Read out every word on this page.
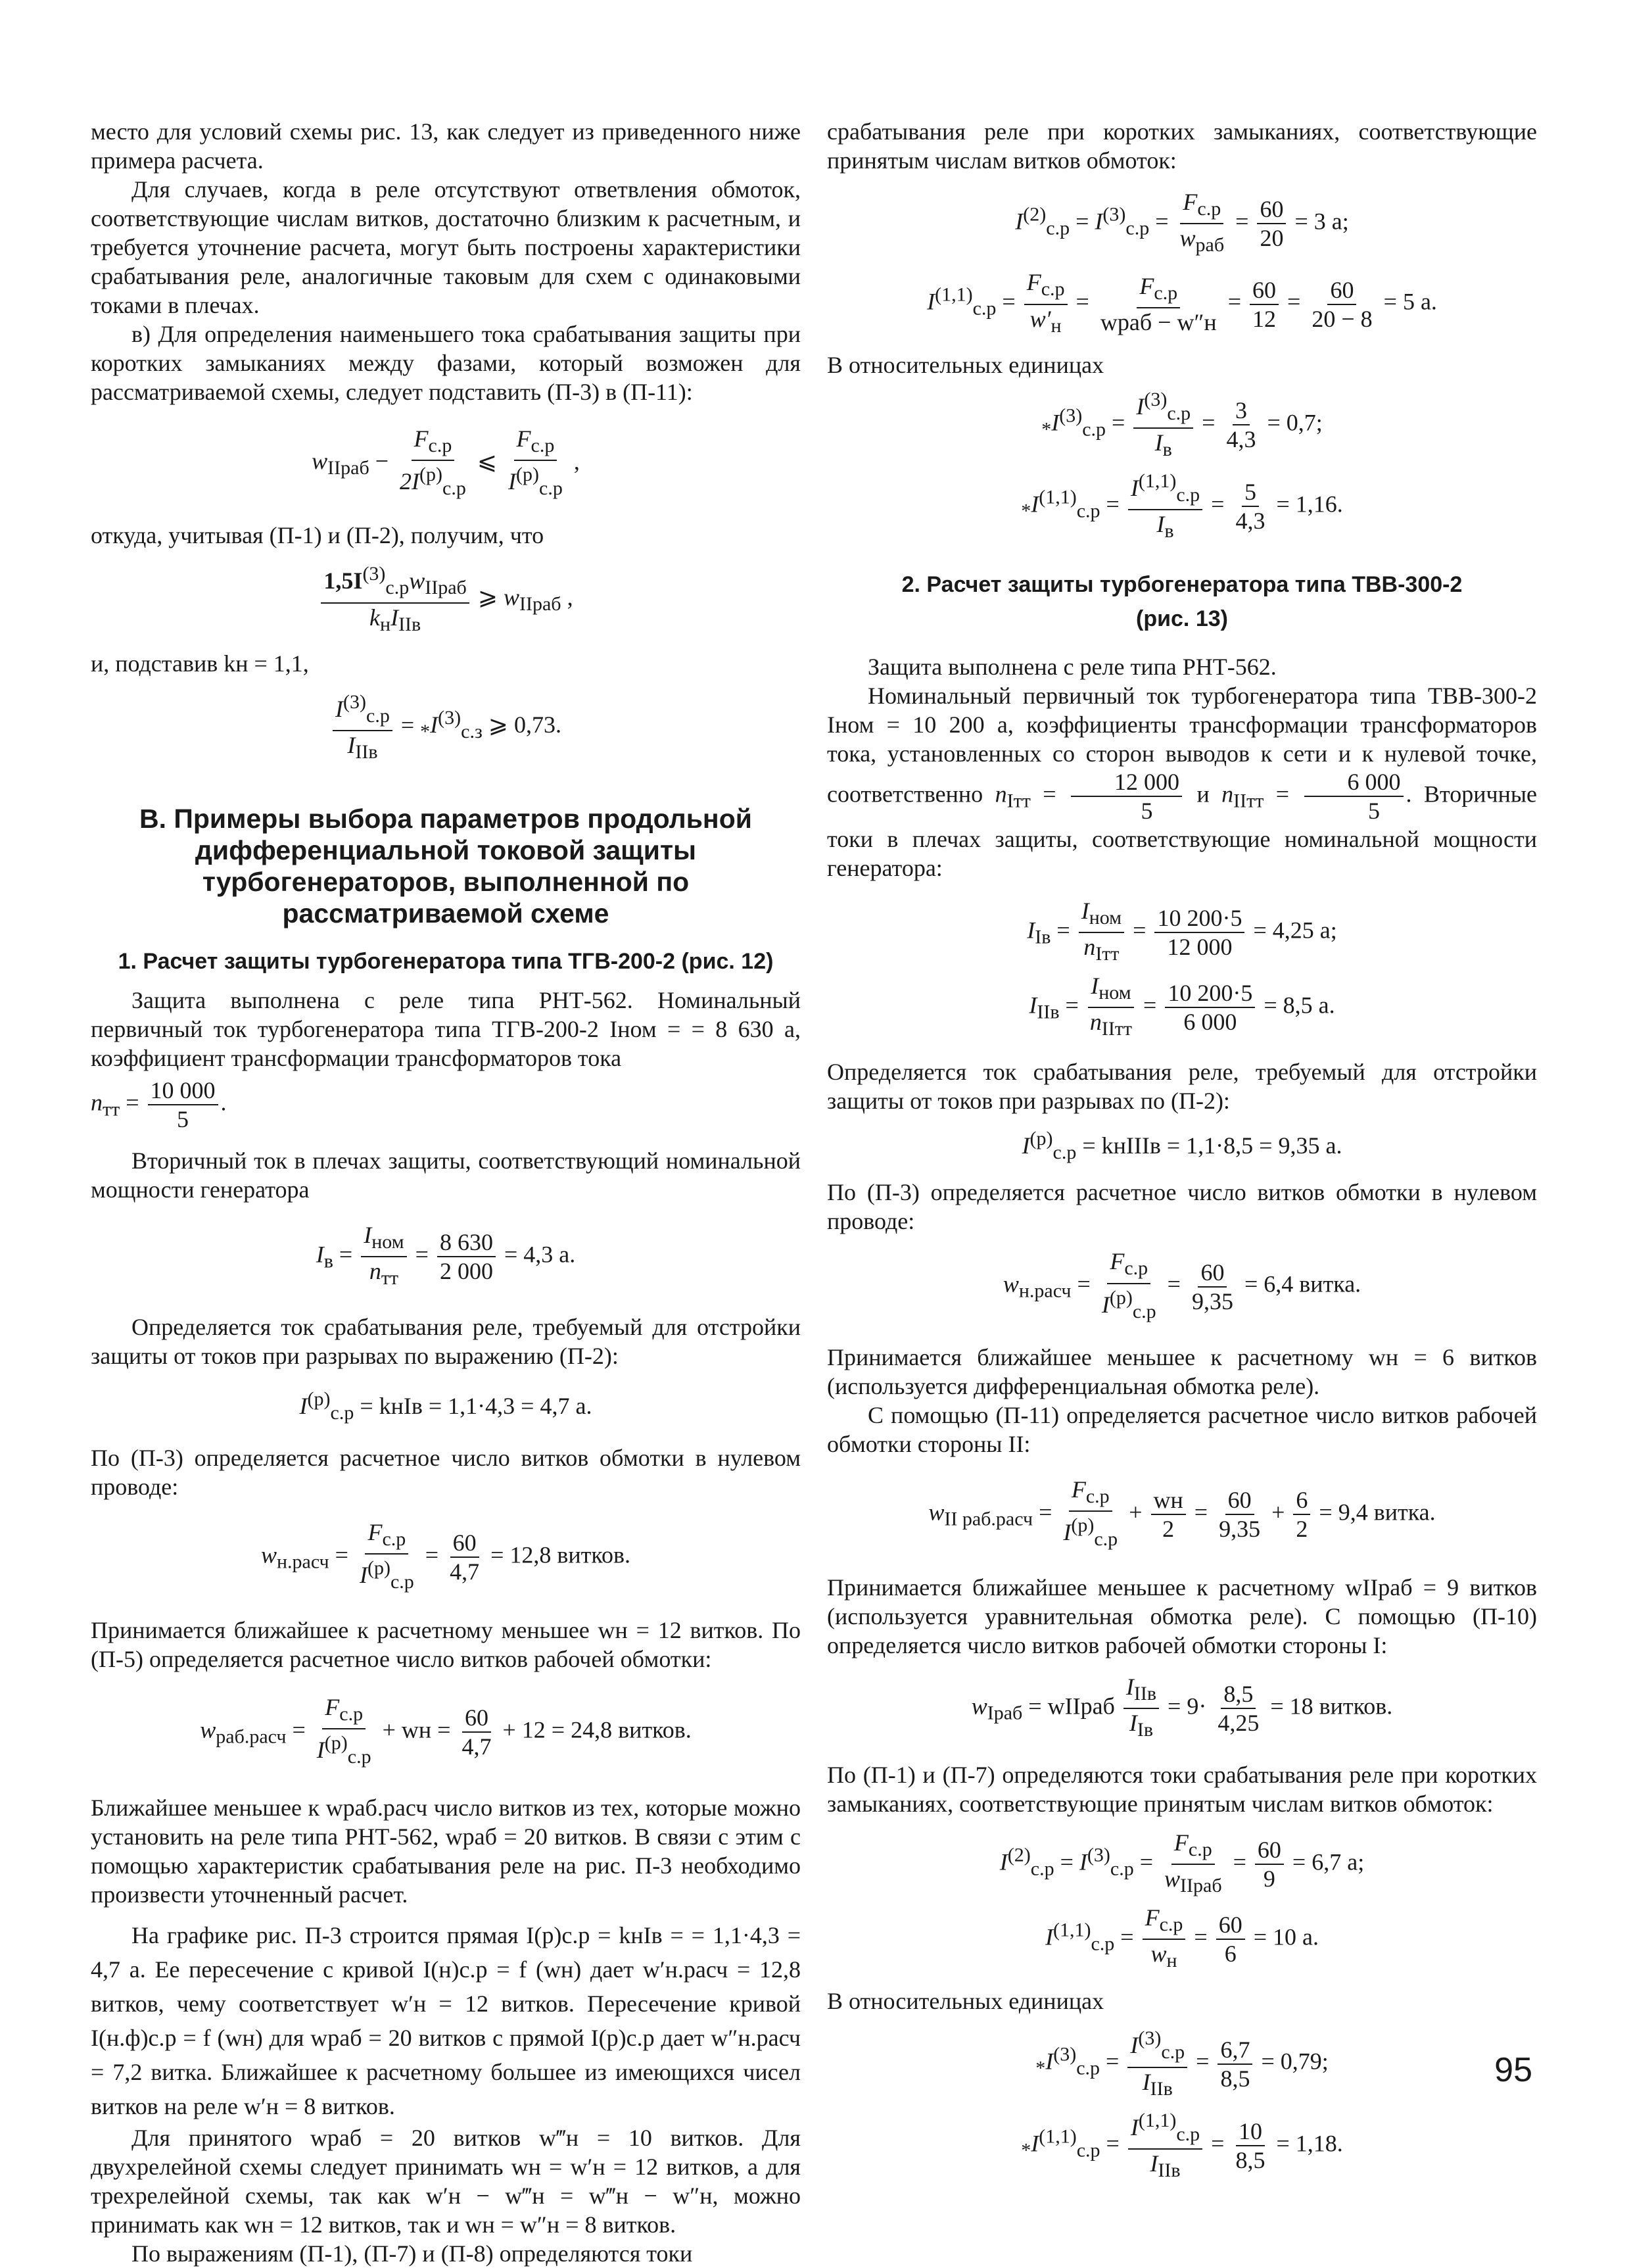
место для условий схемы рис. 13, как следует из приведенного ниже примера расчета.

Для случаев, когда в реле отсутствуют ответвления обмоток, соответствующие числам витков, достаточно близким к расчетным, и требуется уточнение расчета, могут быть построены характеристики срабатывания реле, аналогичные таковым для схем с одинаковыми токами в плечах.

в) Для определения наименьшего тока срабатывания защиты при коротких замыканиях между фазами, который возможен для рассматриваемой схемы, следует подставить (П-3) в (П-11):

$w_{IIраб}$ −
$F_{с.р}$
$2I^{(р)}_{с.р}$
⩽
$F_{с.р}$
$I^{(р)}_{с.р}$
,

откуда, учитывая (П-1) и (П-2), получим, что

$1,5I^{(3)}_{с.р}w_{IIраб}$
$k_нI_{IIв}$
⩾ $w_{IIраб}$ ,

и, подставив kн = 1,1,

$I^{(3)}_{с.р}$
$I_{IIв}$
= $_*I^{(3)}_{с.з}$ ⩾ 0,73.
В. Примеры выбора параметров продольной дифференциальной токовой защиты турбогенераторов, выполненной по рассматриваемой схеме
1. Расчет защиты турбогенератора типа ТГВ-200-2 (рис. 12)

Защита выполнена с реле типа РНТ-562. Номинальный первичный ток турбогенератора типа ТГВ-200-2 Iном = = 8 630 а, коэффициент трансформации трансформаторов тока

$n_{тт} = \frac{10 000}{5}$ .

Вторичный ток в плечах защиты, соответствующий номинальной мощности генератора

$I_в$ =
$I_{ном}$
$n_{тт}$
= $\frac{8 630}{2 000} = 4,3$ а.

Определяется ток срабатывания реле, требуемый для отстройки защиты от токов при разрывах по выражению (П-2):

$I^{(р)}_{с.р}$ = kнIв = 1,1·4,3 = 4,7 а.

По (П-3) определяется расчетное число витков обмотки в нулевом проводе:

$w_{н.расч}$ =
$F_{с.р}$
$I^{(р)}_{с.р}$
= $\frac{60}{4,7} = 12,8$ витков.

Принимается ближайшее к расчетному меньшее wн = 12 витков. По (П-5) определяется расчетное число витков рабочей обмотки:

$w_{раб.расч}$ =
$F_{с.р}$
$I^{(р)}_{с.р}$
+ wн = $\frac{60}{4,7} + 12 = 24,8$ витков.

Ближайшее меньшее к wраб.расч число витков из тех, которые можно установить на реле типа РНТ-562, wраб = 20 витков. В связи с этим с помощью характеристик срабатывания реле на рис. П-3 необходимо произвести уточненный расчет.

На графике рис. П-3 строится прямая I(р)с.р = kнIв = = 1,1·4,3 = 4,7 а. Ее пересечение с кривой I(н)с.р = f (wн) дает w′н.расч = 12,8 витков, чему соответствует w′н = 12 витков. Пересечение кривой I(н.ф)с.р = f (wн) для wраб = 20 витков с прямой I(р)с.р дает w″н.расч = 7,2 витка. Ближайшее к расчетному большее из имеющихся чисел витков на реле w′н = 8 витков.

Для принятого wраб = 20 витков w‴н = 10 витков. Для двухрелейной схемы следует принимать wн = w′н = 12 витков, а для трехрелейной схемы, так как w′н − w‴н = w‴н − w″н, можно принимать как wн = 12 витков, так и wн = w″н = 8 витков.

По выражениям (П-1), (П-7) и (П-8) определяются токи

срабатывания реле при коротких замыканиях, соответствующие принятым числам витков обмоток:

$I^{(2)}_{с.р} = I^{(3)}_{с.р}$ =
$F_{с.р}$
$w_{раб}$
= $\frac{60}{20} = 3$ а;
I$^{(1,1)}_{с.р}$ =
$F_{с.р}$
$w'_н$
=
$F_{с.р}$
wраб − w″н
= $\frac{60}{12} = \frac{60}{20 - 8} = 5$ а.

В относительных единицах

$_*I^{(3)}_{с.р}$ =
$I^{(3)}_{с.р}$
$I_в$
= $\frac{3}{4,3} = 0,7$;
$_*I^{(1,1)}_{с.р}$ =
I$^{(1,1)}_{с.р}$
$I_в$
= $\frac{5}{4,3} = 1,16$.
2. Расчет защиты турбогенератора типа ТВВ-300-2
(рис. 13)

Защита выполнена с реле типа РНТ-562.

Номинальный первичный ток турбогенератора типа ТВВ-300-2 Iном = 10 200 а, коэффициенты трансформации трансформаторов тока, установленных со сторон выводов к сети и к нулевой точке, соответственно $n_{Iтт} = \frac{12 000}{5}$ и $n_{IIтт} = \frac{6 000}{5}$ . Вторичные токи в плечах защиты, соответствующие номинальной мощности генератора:

$I_{Iв}$ =
$I_{ном}$
$n_{Iтт}$
= $\frac{10 200\cdot 5}{12 000} = 4,25$ а;
$I_{IIв}$ =
$I_{ном}$
$n_{IIтт}$
= $\frac{10 200\cdot 5}{6 000} = 8,5$ а.

Определяется ток срабатывания реле, требуемый для отстройки защиты от токов при разрывах по (П-2):

$I^{(р)}_{с.р}$ = kнIIIв = 1,1·8,5 = 9,35 а.

По (П-3) определяется расчетное число витков обмотки в нулевом проводе:

$w_{н.расч}$ =
$F_{с.р}$
$I^{(р)}_{с.р}$
= $\frac{60}{9,35} = 6,4$ витка.

Принимается ближайшее меньшее к расчетному wн = 6 витков (используется дифференциальная обмотка реле).

С помощью (П-11) определяется расчетное число витков рабочей обмотки стороны II:

$w_{II раб.расч}$ =
$F_{с.р}$
$I^{(р)}_{с.р}$
+ wн
2
= $\frac{60}{9,35} + \frac{6}{2} = 9,4$ витка.

Принимается ближайшее меньшее к расчетному wIIраб = 9 витков (используется уравнительная обмотка реле). С помощью (П-10) определяется число витков рабочей обмотки стороны I:

$w_{Iраб}$ = wIIраб
$I_{IIв}$
$I_{Iв}$
= $9\cdot \frac{8,5}{4,25} = 18$ витков.

По (П-1) и (П-7) определяются токи срабатывания реле при коротких замыканиях, соответствующие принятым числам витков обмоток:

$I^{(2)}_{с.р} = I^{(3)}_{с.р}$ =
$F_{с.р}$
$w_{IIраб}$
= $\frac{60}{9} = 6,7$ а;
I$^{(1,1)}_{с.р}$ =
$F_{с.р}$
$w_н$
= $\frac{60}{6} = 10$ а.

В относительных единицах

$_*I^{(3)}_{с.р}$ =
$I^{(3)}_{с.р}$
$I_{IIв}$
= $\frac{6,7}{8,5} = 0,79$;
$_*I^{(1,1)}_{с.р}$ =
I$^{(1,1)}_{с.р}$
$I_{IIв}$
= $\frac{10}{8,5} = 1,18$.
95
